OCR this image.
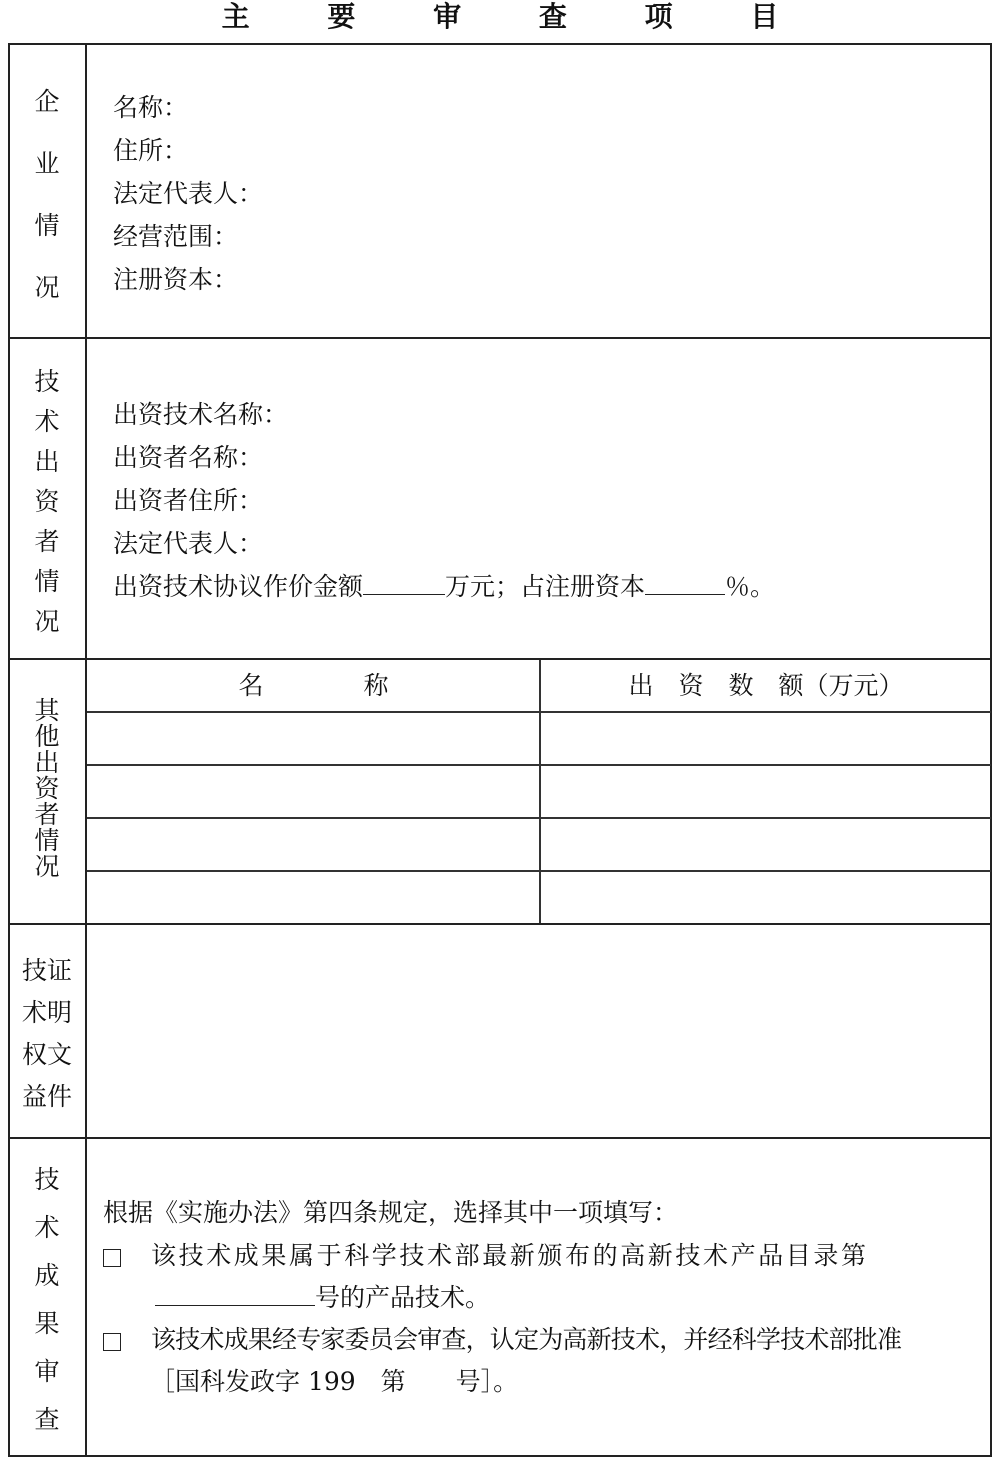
主 要 审 查 项 目
企
业
情
况
名称：
住所：
法定代表人：
经营范围：
注册资本：
技
术
出
资
者
情
况
出资技术名称：
出资者名称：
出资者住所：
法定代表人：
出资技术协议作价金额	万元；占注册资本	％。
其
他
出
资
者
情
况
名　　　　称	出　资　数　额（万元）
技证
术明
权文
益件
技
术
成
果
审
查
根据《实施办法》第四条规定，选择其中一项填写：
该技术成果属于科学技术部最新颁布的高新技术产品目录第
号的产品技术。
该技术成果经专家委员会审查，认定为高新技术，并经科学技术部批准
［国科发政字 199　第　　号］。
